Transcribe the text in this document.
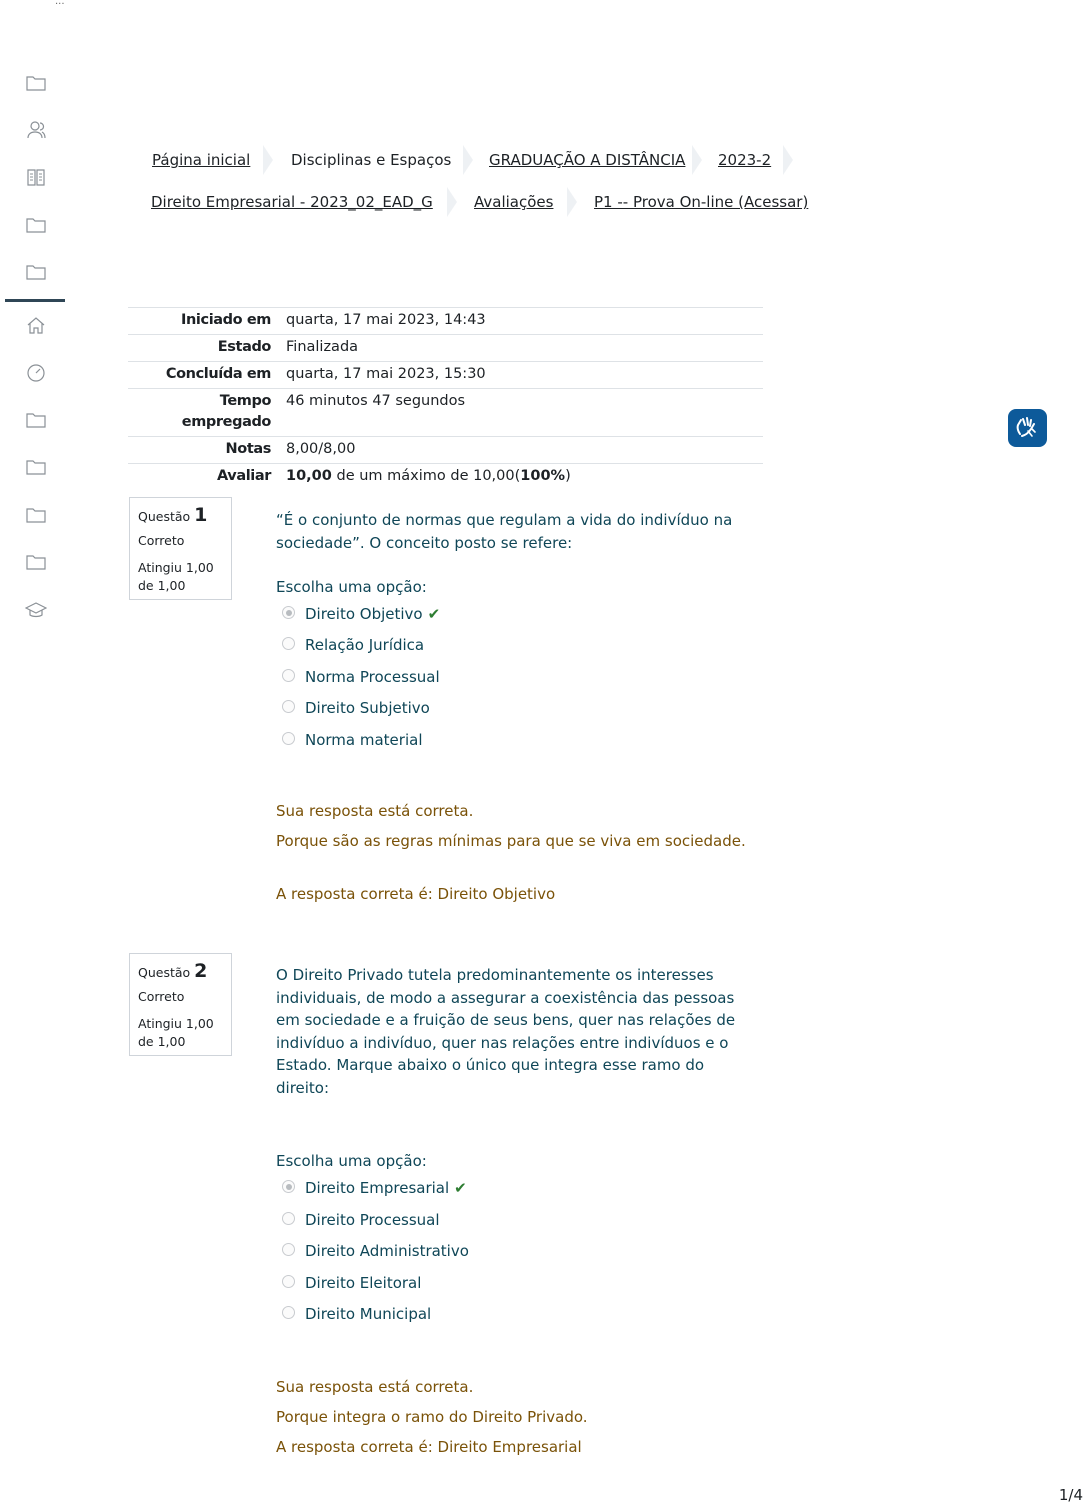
...
Página inicial	Disciplinas e Espaços	GRADUAÇÃO A DISTÂNCIA 2023-2
Direito Empresarial - 2023_02_EAD_G	Avaliações	P1 -- Prova On-line (Acessar)
Iniciado em	quarta, 17 mai 2023, 14:43
Estado	Finalizada
Concluída em	quarta, 17 mai 2023, 15:30
Tempo empregado	46 minutos 47 segundos
Notas	8,00/8,00
Avaliar	10,00 de um máximo de 10,00(100%)
Questão 1
Correto
Atingiu 1,00 de 1,00
“É o conjunto de normas que regulam a vida do indivíduo na sociedade”. O conceito posto se refere:
Escolha uma opção:
Direito Objetivo ✔
Relação Jurídica
Norma Processual
Direito Subjetivo
Norma material
Sua resposta está correta.
Porque são as regras mínimas para que se viva em sociedade.
A resposta correta é: Direito Objetivo
Questão 2
Correto
Atingiu 1,00 de 1,00
O Direito Privado tutela predominantemente os interesses individuais, de modo a assegurar a coexistência das pessoas em sociedade e a fruição de seus bens, quer nas relações de indivíduo a indivíduo, quer nas relações entre indivíduos e o Estado. Marque abaixo o único que integra esse ramo do direito:
Escolha uma opção:
Direito Empresarial ✔
Direito Processual
Direito Administrativo
Direito Eleitoral
Direito Municipal
Sua resposta está correta.
Porque integra o ramo do Direito Privado.
A resposta correta é: Direito Empresarial
1/4
